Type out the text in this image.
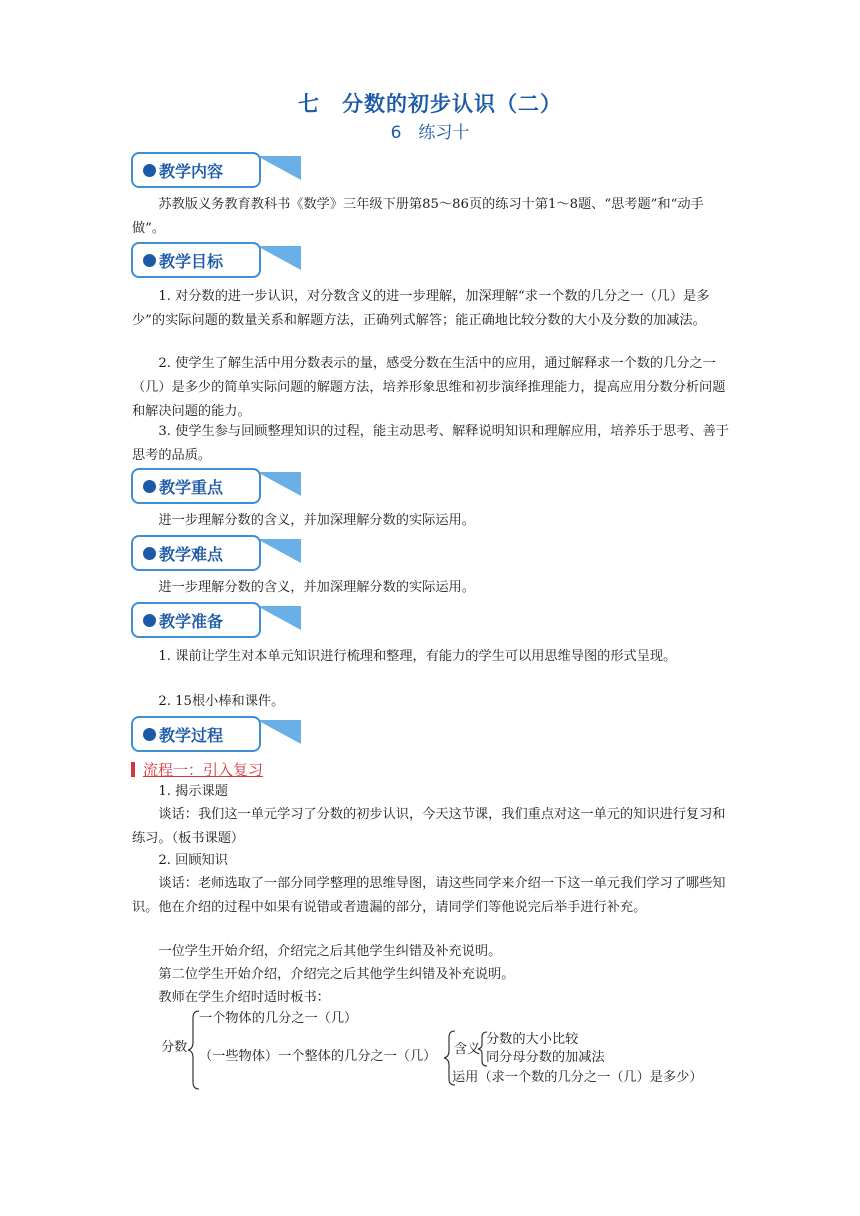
七　分数的初步认识（二）
6　练习十
教学内容

苏教版义务教育教科书《数学》三年级下册第85～86页的练习十第1～8题、“思考题”和“动手做”。

教学目标

1. 对分数的进一步认识，对分数含义的进一步理解，加深理解“求一个数的几分之一（几）是多少”的实际问题的数量关系和解题方法，正确列式解答；能正确地比较分数的大小及分数的加减法。

2. 使学生了解生活中用分数表示的量，感受分数在生活中的应用，通过解释求一个数的几分之一（几）是多少的简单实际问题的解题方法，培养形象思维和初步演绎推理能力，提高应用分数分析问题和解决问题的能力。

3. 使学生参与回顾整理知识的过程，能主动思考、解释说明知识和理解应用，培养乐于思考、善于思考的品质。

教学重点

进一步理解分数的含义，并加深理解分数的实际运用。

教学难点

进一步理解分数的含义，并加深理解分数的实际运用。

教学准备

1. 课前让学生对本单元知识进行梳理和整理，有能力的学生可以用思维导图的形式呈现。

2. 15根小棒和课件。

教学过程
流程一：引入复习

1. 揭示课题

谈话：我们这一单元学习了分数的初步认识，今天这节课，我们重点对这一单元的知识进行复习和练习。（板书课题）

2. 回顾知识

谈话：老师选取了一部分同学整理的思维导图，请这些同学来介绍一下这一单元我们学习了哪些知识。他在介绍的过程中如果有说错或者遗漏的部分，请同学们等他说完后举手进行补充。

一位学生开始介绍，介绍完之后其他学生纠错及补充说明。

第二位学生开始介绍，介绍完之后其他学生纠错及补充说明。

教师在学生介绍时适时板书：

分数
一个物体的几分之一（几）
（一些物体）一个整体的几分之一（几） 含义
分数的大小比较
同分母分数的加减法
运用（求一个数的几分之一（几）是多少）
